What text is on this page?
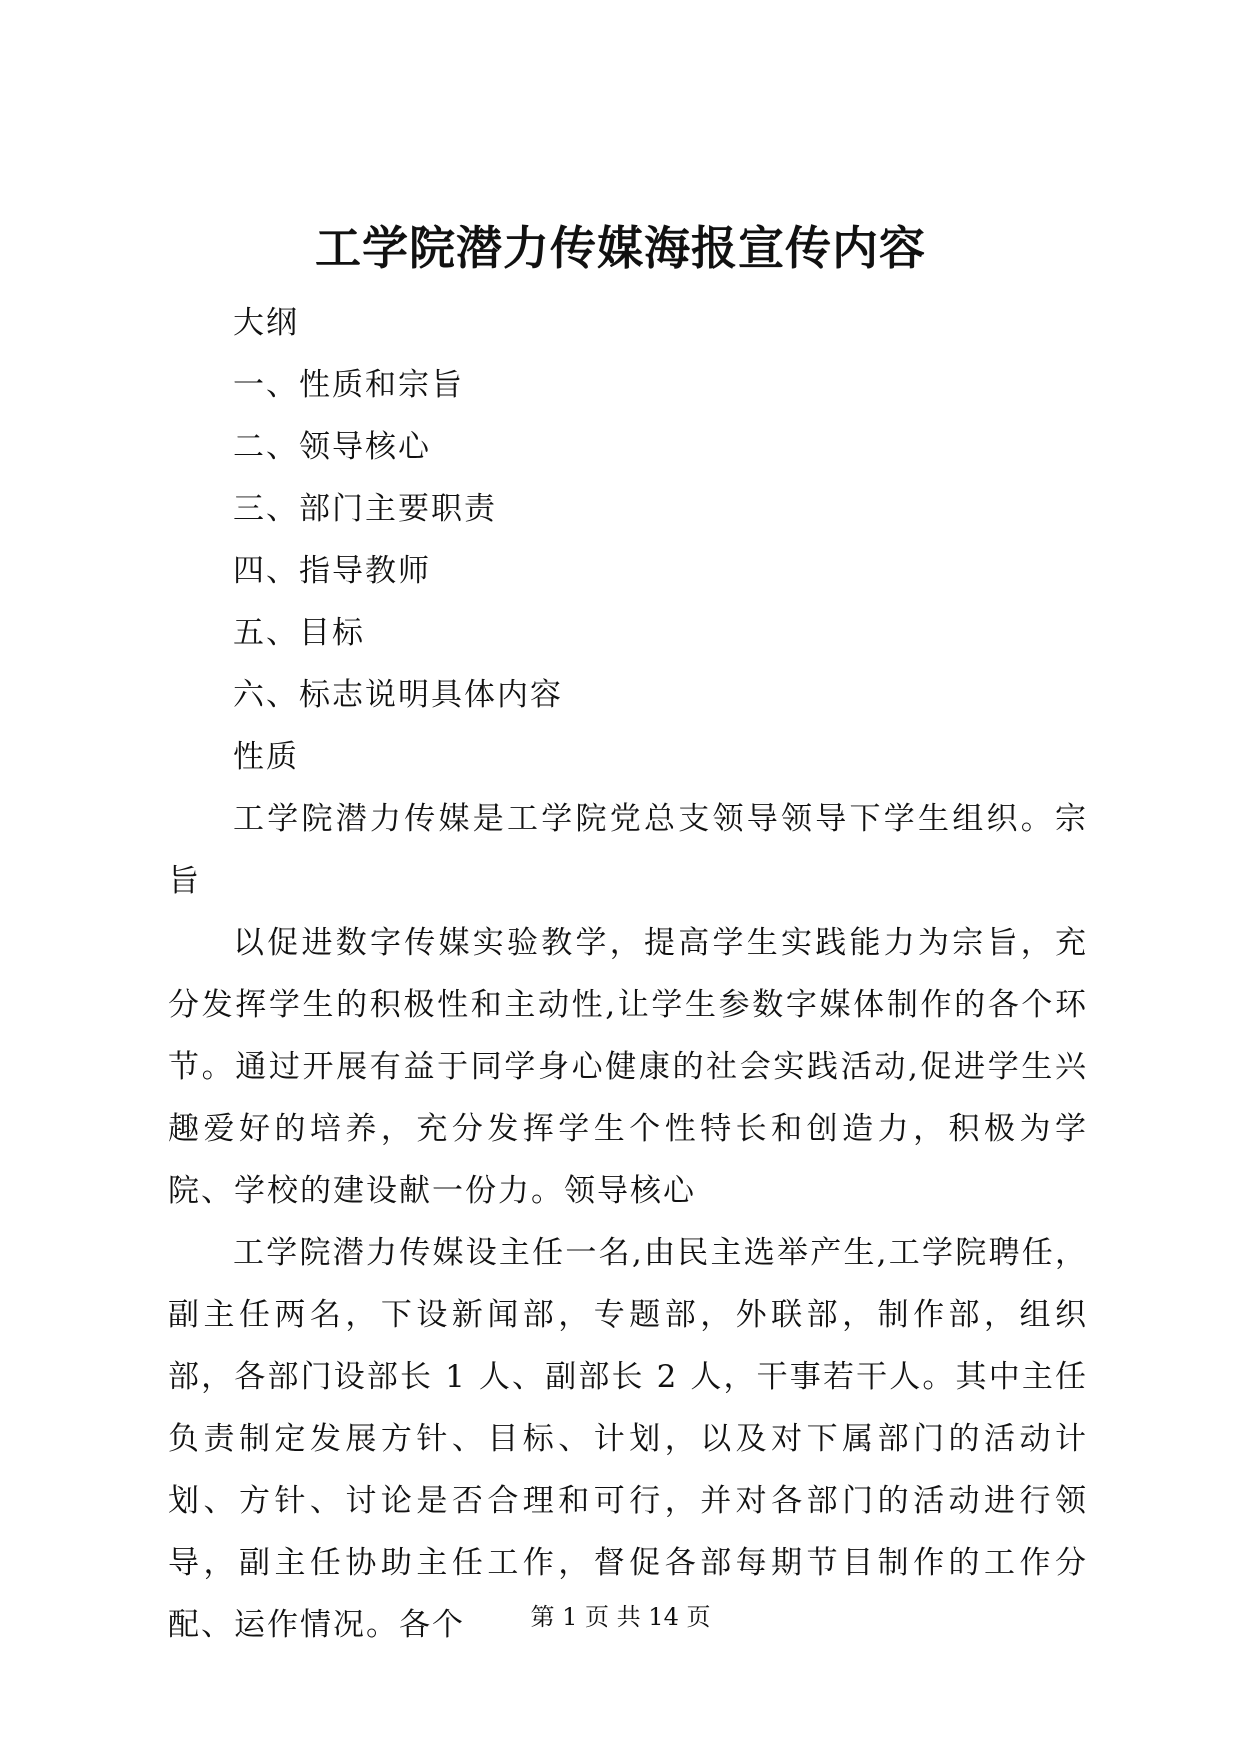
工学院潜力传媒海报宣传内容

大纲

一、性质和宗旨

二、领导核心

三、部门主要职责

四、指导教师

五、目标

六、标志说明具体内容

性质

工学院潜力传媒是工学院党总支领导领导下学生组织。宗旨

以促进数字传媒实验教学，提高学生实践能力为宗旨，充分发挥学生的积极性和主动性,让学生参数字媒体制作的各个环节。通过开展有益于同学身心健康的社会实践活动,促进学生兴趣爱好的培养，充分发挥学生个性特长和创造力，积极为学院、学校的建设献一份力。领导核心

工学院潜力传媒设主任一名,由民主选举产生,工学院聘任，副主任两名，下设新闻部，专题部，外联部，制作部，组织部，各部门设部长 1 人、副部长 2 人，干事若干人。其中主任负责制定发展方针、目标、计划，以及对下属部门的活动计划、方针、讨论是否合理和可行，并对各部门的活动进行领导，副主任协助主任工作，督促各部每期节目制作的工作分配、运作情况。各个	第 1 页 共 14 页
